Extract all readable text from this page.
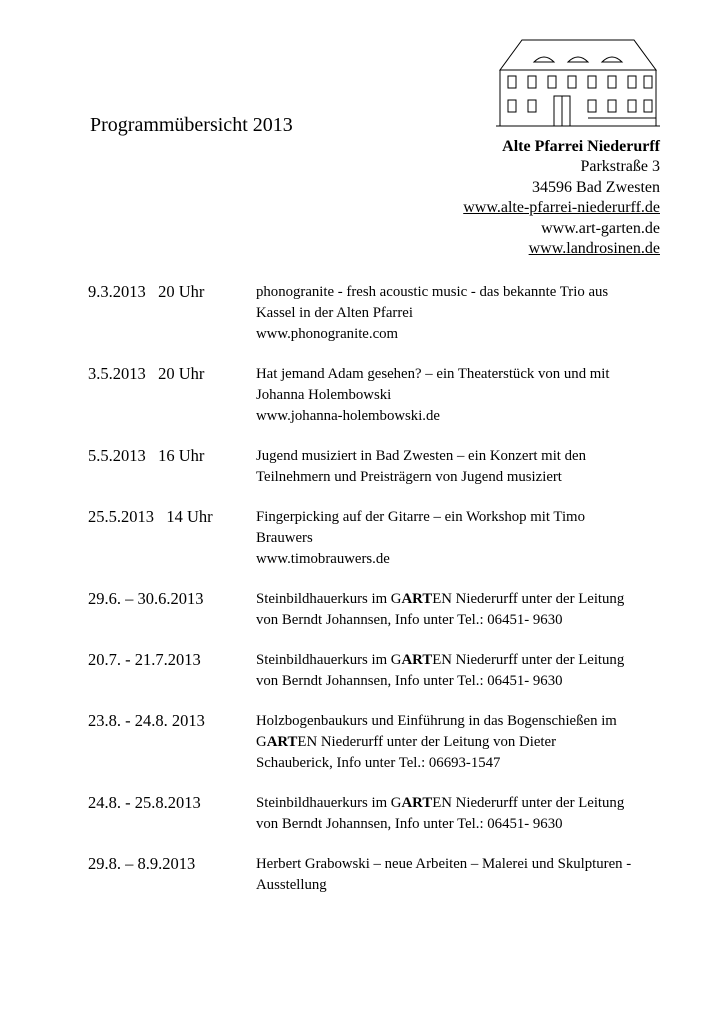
Programmübersicht 2013
Alte Pfarrei Niederurff
Parkstraße 3
34596 Bad Zwesten
www.alte-pfarrei-niederurff.de
www.art-garten.de
www.landrosinen.de
9.3.2013   20 Uhr	phonogranite - fresh acoustic music - das bekannte Trio aus
Kassel in der Alten Pfarrei
www.phonogranite.com
3.5.2013   20 Uhr	Hat jemand Adam gesehen? – ein Theaterstück von und mit
Johanna Holembowski
www.johanna-holembowski.de
5.5.2013   16 Uhr	Jugend musiziert in Bad Zwesten – ein Konzert mit den
Teilnehmern und Preisträgern von Jugend musiziert
25.5.2013   14 Uhr	Fingerpicking auf der Gitarre – ein Workshop mit Timo
Brauwers
www.timobrauwers.de
29.6. – 30.6.2013	Steinbildhauerkurs im GARTEN Niederurff unter der Leitung
von Berndt Johannsen, Info unter Tel.: 06451- 9630
20.7. - 21.7.2013	Steinbildhauerkurs im GARTEN Niederurff unter der Leitung
von Berndt Johannsen, Info unter Tel.: 06451- 9630
23.8. - 24.8. 2013	Holzbogenbaukurs und Einführung in das Bogenschießen im
GARTEN Niederurff unter der Leitung von Dieter
Schauberick, Info unter Tel.: 06693-1547
24.8. - 25.8.2013	Steinbildhauerkurs im GARTEN Niederurff unter der Leitung
von Berndt Johannsen, Info unter Tel.: 06451- 9630
29.8. – 8.9.2013	Herbert Grabowski – neue Arbeiten – Malerei und Skulpturen -
Ausstellung
